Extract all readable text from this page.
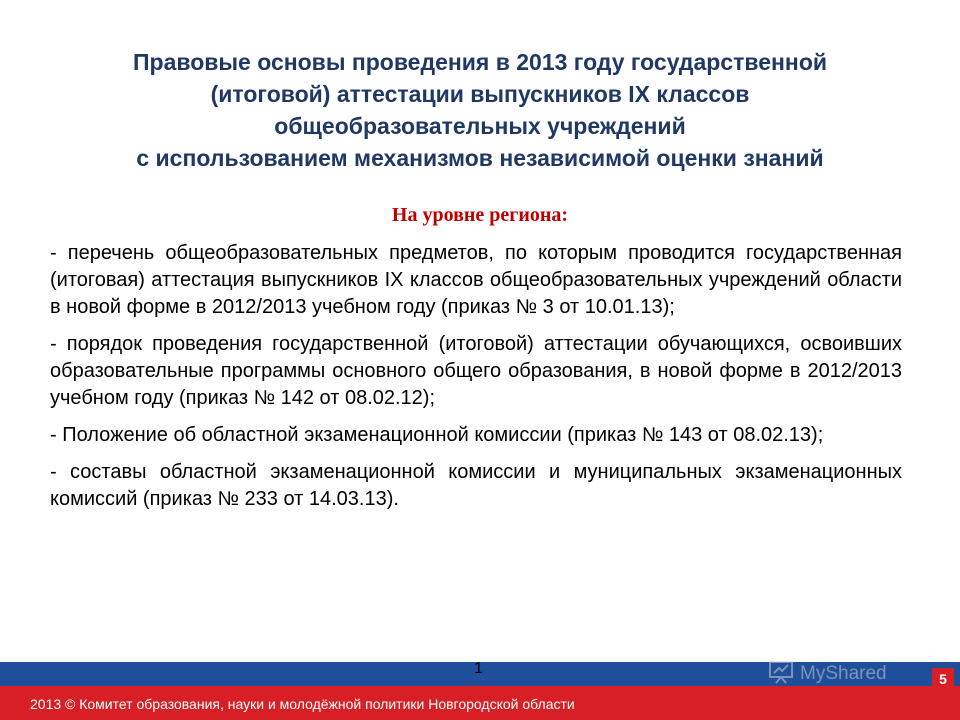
Правовые основы проведения в 2013 году государственной
(итоговой) аттестации выпускников IX классов
общеобразовательных учреждений
с использованием механизмов независимой оценки знаний
На уровне региона:

- перечень общеобразовательных предметов, по которым проводится государственная (итоговая) аттестация выпускников IX классов общеобразовательных учреждений области в новой форме в 2012/2013 учебном году (приказ № 3 от 10.01.13);

- порядок проведения государственной (итоговой) аттестации обучающихся, освоивших образовательные программы основного общего образования, в новой форме в 2012/2013 учебном году (приказ № 142 от 08.02.12);

- Положение об областной экзаменационной комиссии (приказ № 143 от 08.02.13);

- составы областной экзаменационной комиссии и муниципальных экзаменационных комиссий (приказ № 233 от 14.03.13).

2013 © Комитет образования, науки и молодёжной политики Новгородской области
1	MyShared	5
